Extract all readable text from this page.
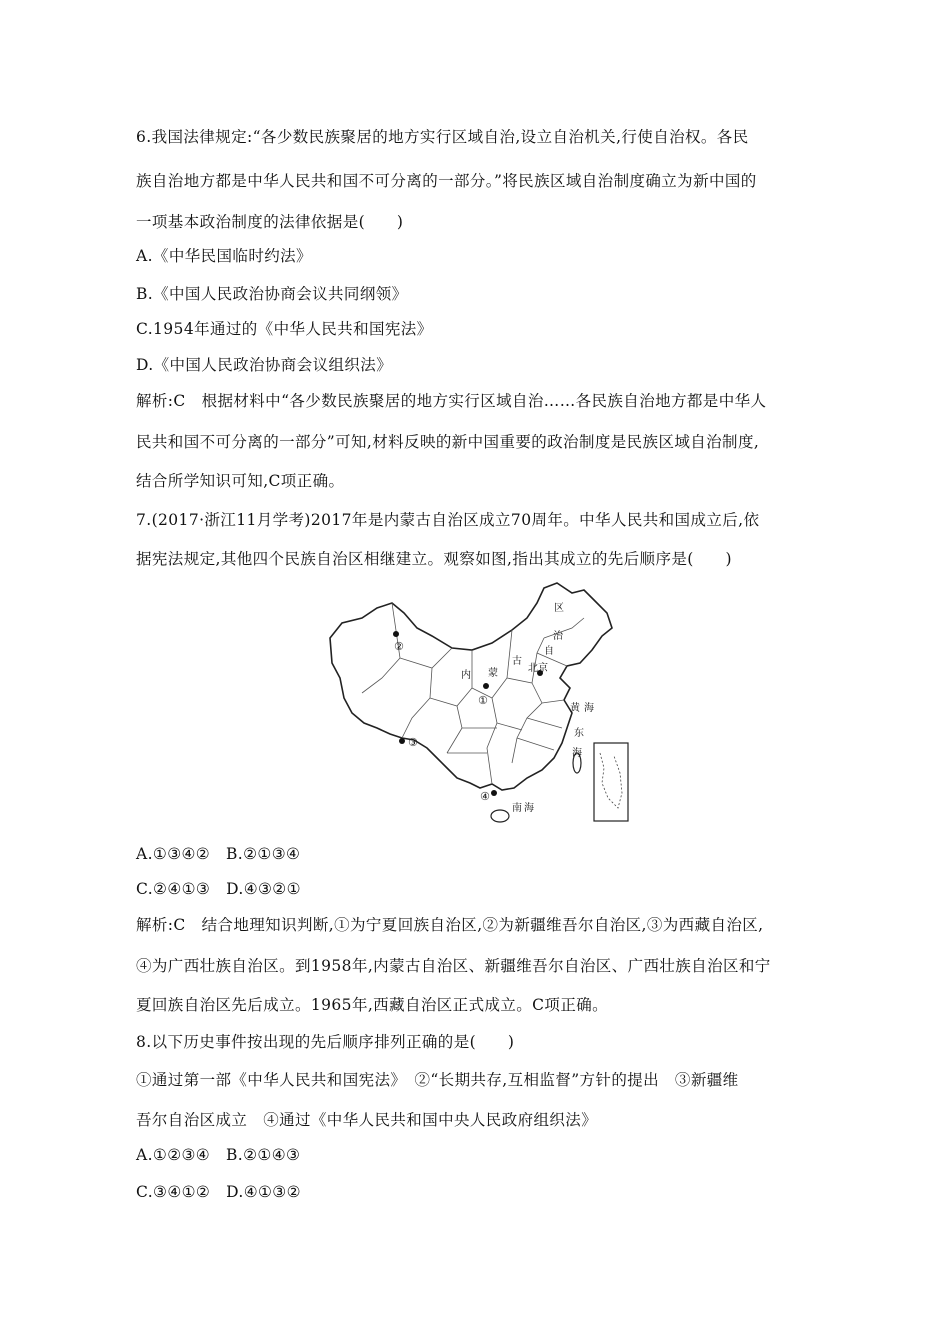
6.我国法律规定:“各少数民族聚居的地方实行区域自治,设立自治机关,行使自治权。各民
族自治地方都是中华人民共和国不可分离的一部分。”将民族区域自治制度确立为新中国的
一项基本政治制度的法律依据是(　　)
A.《中华民国临时约法》
B.《中国人民政治协商会议共同纲领》
C.1954年通过的《中华人民共和国宪法》
D.《中国人民政治协商会议组织法》
解析:C　根据材料中“各少数民族聚居的地方实行区域自治……各民族自治地方都是中华人
民共和国不可分离的一部分”可知,材料反映的新中国重要的政治制度是民族区域自治制度,
结合所学知识可知,C项正确。
7.(2017·浙江11月学考)2017年是内蒙古自治区成立70周年。中华人民共和国成立后,依
据宪法规定,其他四个民族自治区相继建立。观察如图,指出其成立的先后顺序是(　　)
②
①
③
④
区
治
自
古
蒙
内
北京
黄 海
东
海
南 海
A.①③④②　B.②①③④
C.②④①③　D.④③②①
解析:C　结合地理知识判断,①为宁夏回族自治区,②为新疆维吾尔自治区,③为西藏自治区,
④为广西壮族自治区。到1958年,内蒙古自治区、新疆维吾尔自治区、广西壮族自治区和宁
夏回族自治区先后成立。1965年,西藏自治区正式成立。C项正确。
8.以下历史事件按出现的先后顺序排列正确的是(　　)
①通过第一部《中华人民共和国宪法》　②“长期共存,互相监督”方针的提出　③新疆维
吾尔自治区成立　④通过《中华人民共和国中央人民政府组织法》
A.①②③④　B.②①④③
C.③④①②　D.④①③②
